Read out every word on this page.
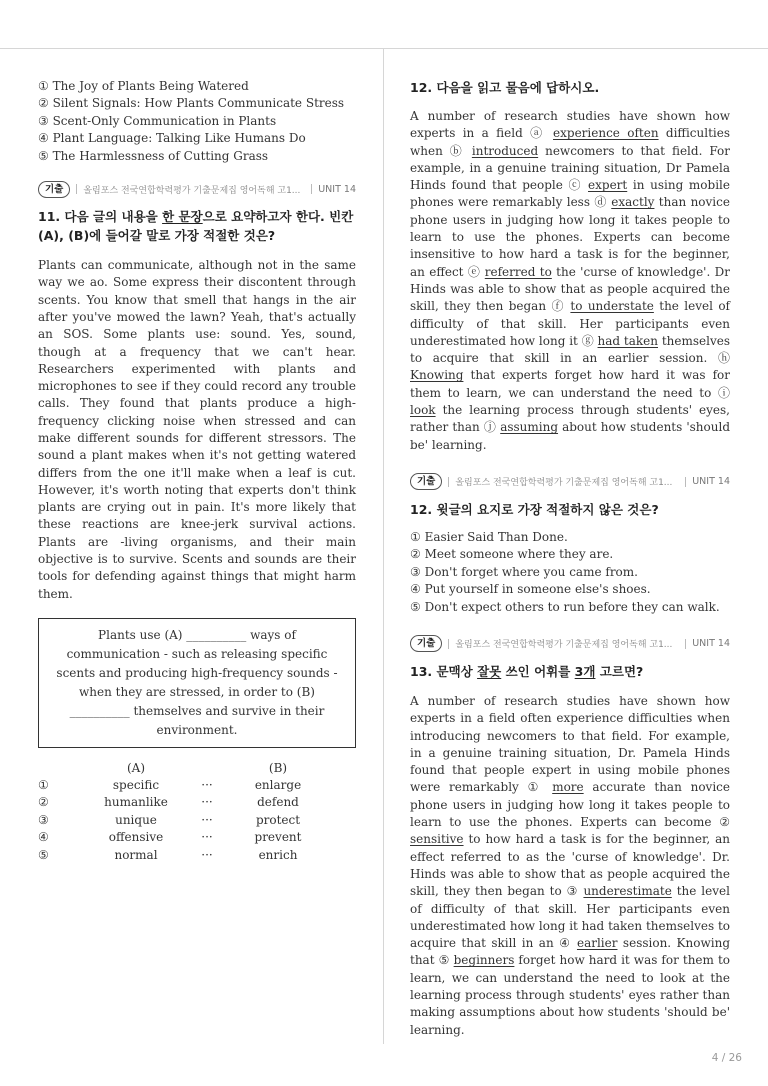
① The Joy of Plants Being Watered

② Silent Signals: How Plants Communicate Stress

③ Scent-Only Communication in Plants

④ Plant Language: Talking Like Humans Do

⑤ The Harmlessness of Cutting Grass

기출	올림포스 전국연합학력평가 기출문제집 영어독해 고1...	UNIT 14

11. 다음 글의 내용을 한 문장으로 요약하고자 한다. 빈칸 (A), (B)에 들어갈 말로 가장 적절한 것은?

Plants can communicate, although not in the same way we ao. Some express their discontent through scents. You know that smell that hangs in the air after you've mowed the lawn? Yeah, that's actually an SOS. Some plants use: sound. Yes, sound, though at a frequency that we can't hear. Researchers experimented with plants and microphones to see if they could record any trouble calls. They found that plants produce a high-frequency clicking noise when stressed and can make different sounds for different stressors. The sound a plant makes when it's not getting watered differs from the one it'll make when a leaf is cut. However, it's worth noting that experts don't think plants are crying out in pain. It's more likely that these reactions are knee-jerk survival actions. Plants are -living organisms, and their main objective is to survive. Scents and sounds are their tools for defending against things that might harm them.

Plants use (A) __________ ways of communication - such as releasing specific scents and producing high-frequency sounds - when they are stressed, in order to (B) __________ themselves and survive in their environment.
	(A)		(B)
①	specific	···	enlarge
②	humanlike	···	defend
③	unique	···	protect
④	offensive	···	prevent
⑤	normal	···	enrich

12. 다음을 읽고 물음에 답하시오.

A number of research studies have shown how experts in a field ⓐ experience often difficulties when ⓑ introduced newcomers to that field. For example, in a genuine training situation, Dr Pamela Hinds found that people ⓒ expert in using mobile phones were remarkably less ⓓ exactly than novice phone users in judging how long it takes people to learn to use the phones. Experts can become insensitive to how hard a task is for the beginner, an effect ⓔ referred to the 'curse of knowledge'. Dr Hinds was able to show that as people acquired the skill, they then began ⓕ to understate the level of difficulty of that skill. Her participants even underestimated how long it ⓖ had taken themselves to acquire that skill in an earlier session. ⓗ Knowing that experts forget how hard it was for them to learn, we can understand the need to ⓘ look the learning process through students' eyes, rather than ⓙ assuming about how students 'should be' learning.

기출	올림포스 전국연합학력평가 기출문제집 영어독해 고1...	UNIT 14

12. 윗글의 요지로 가장 적절하지 않은 것은?

① Easier Said Than Done.

② Meet someone where they are.

③ Don't forget where you came from.

④ Put yourself in someone else's shoes.

⑤ Don't expect others to run before they can walk.

기출	올림포스 전국연합학력평가 기출문제집 영어독해 고1...	UNIT 14

13. 문맥상 잘못 쓰인 어휘를 3개 고르면?

A number of research studies have shown how experts in a field often experience difficulties when introducing newcomers to that field. For example, in a genuine training situation, Dr. Pamela Hinds found that people expert in using mobile phones were remarkably ① more accurate than novice phone users in judging how long it takes people to learn to use the phones. Experts can become ② sensitive to how hard a task is for the beginner, an effect referred to as the 'curse of knowledge'. Dr. Hinds was able to show that as people acquired the skill, they then began to ③ underestimate the level of difficulty of that skill. Her participants even underestimated how long it had taken themselves to acquire that skill in an ④ earlier session. Knowing that ⑤ beginners forget how hard it was for them to learn, we can understand the need to look at the learning process through students' eyes rather than making assumptions about how students 'should be' learning.

4 / 26
